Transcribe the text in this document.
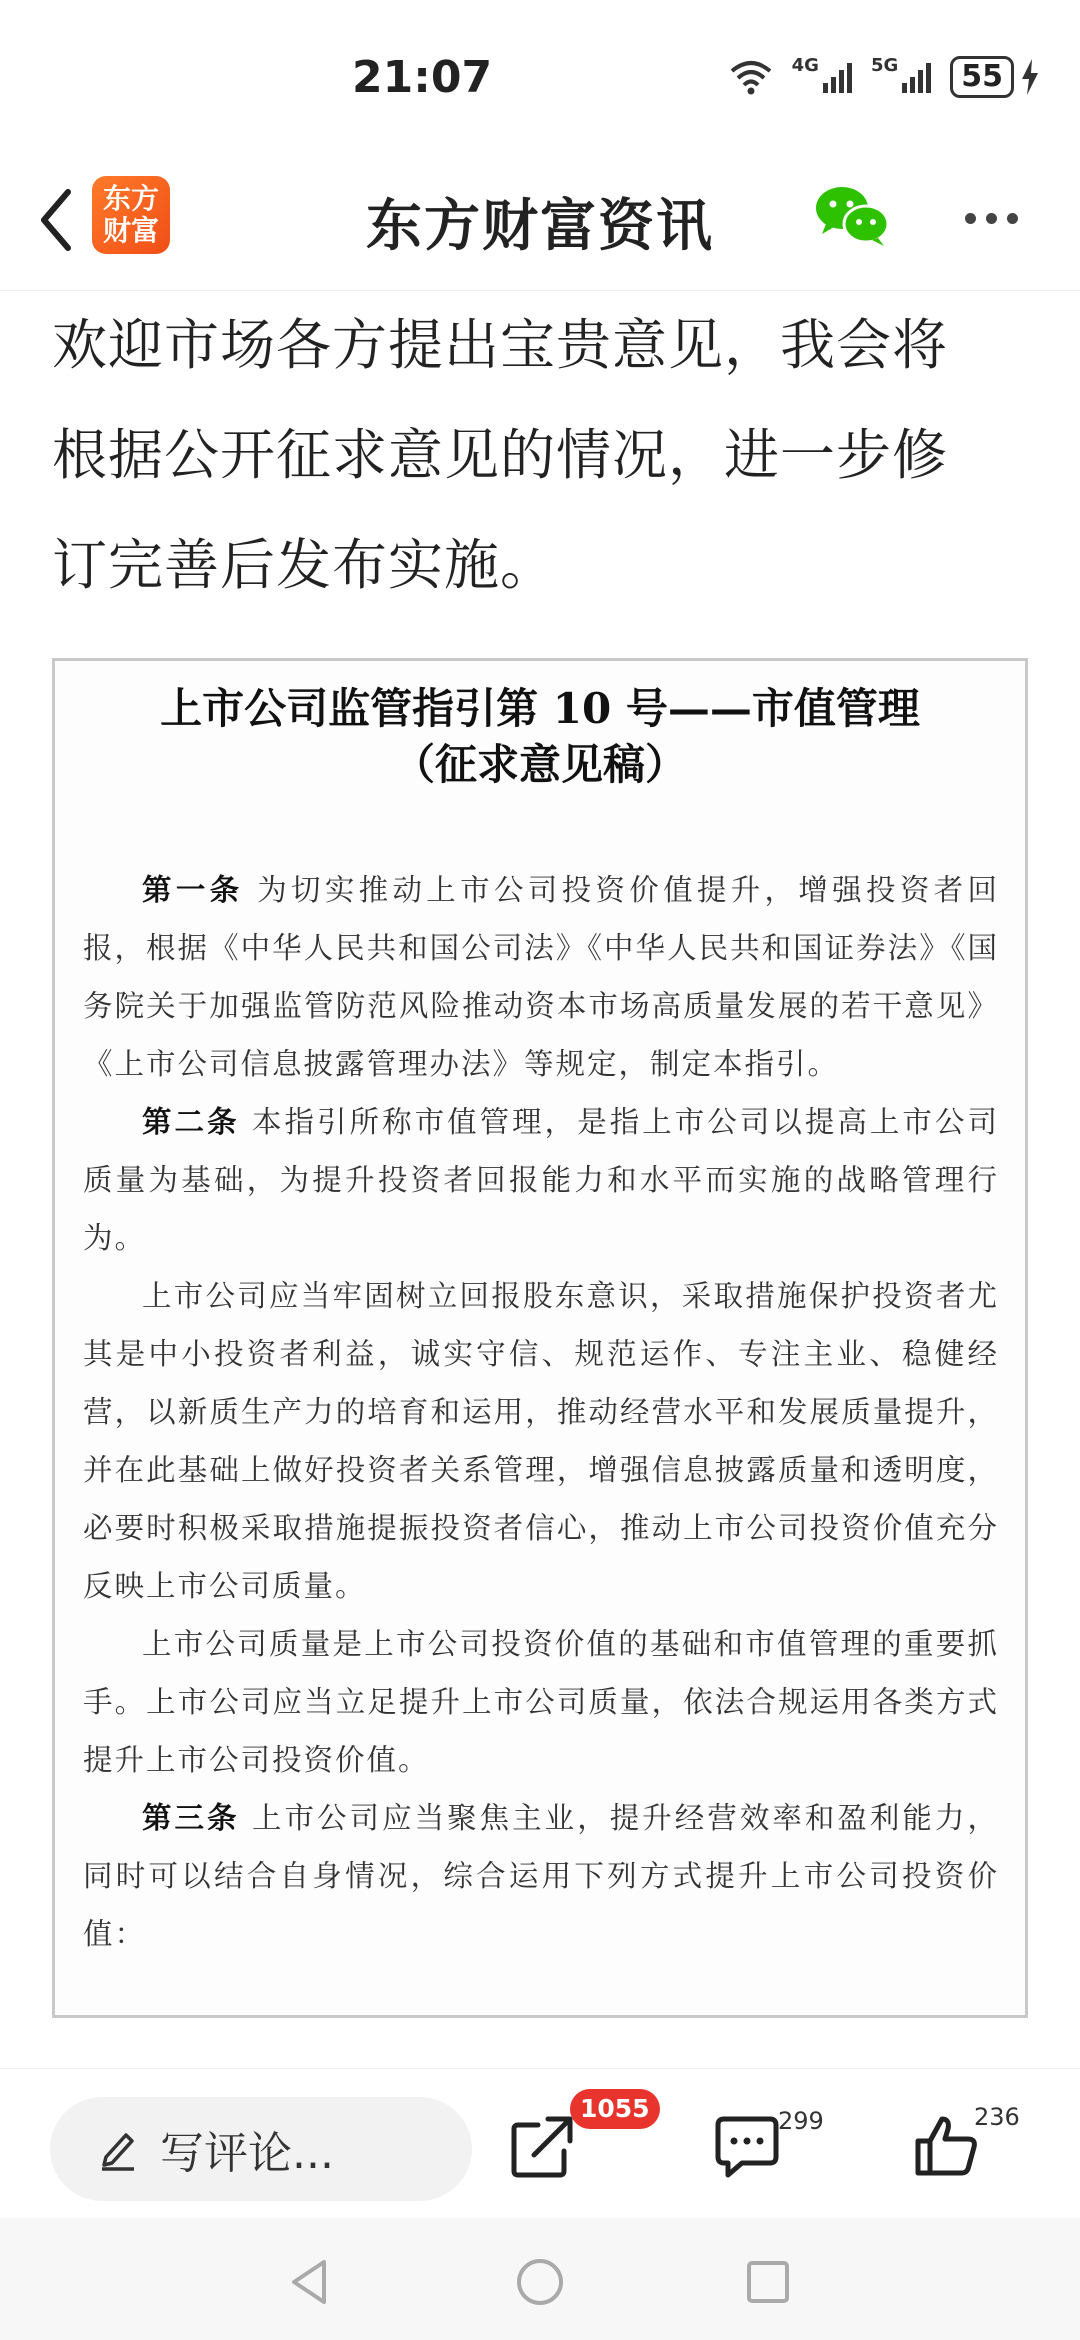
21:07	4G	5G	55
东方
财富	东方财富资讯

欢迎市场各方提出宝贵意见，我会将

根据公开征求意见的情况，进一步修

订完善后发布实施。

上市公司监管指引第 10 号——市值管理
（征求意见稿）

第一条 为切实推动上市公司投资价值提升，增强投资者回报，根据《中华人民共和国公司法》《中华人民共和国证券法》《国务院关于加强监管防范风险推动资本市场高质量发展的若干意见》《上市公司信息披露管理办法》等规定，制定本指引。

第二条 本指引所称市值管理，是指上市公司以提高上市公司质量为基础，为提升投资者回报能力和水平而实施的战略管理行为。

上市公司应当牢固树立回报股东意识，采取措施保护投资者尤其是中小投资者利益，诚实守信、规范运作、专注主业、稳健经营，以新质生产力的培育和运用，推动经营水平和发展质量提升，并在此基础上做好投资者关系管理，增强信息披露质量和透明度，必要时积极采取措施提振投资者信心，推动上市公司投资价值充分反映上市公司质量。

上市公司质量是上市公司投资价值的基础和市值管理的重要抓手。上市公司应当立足提升上市公司质量，依法合规运用各类方式提升上市公司投资价值。

第三条 上市公司应当聚焦主业，提升经营效率和盈利能力，同时可以结合自身情况，综合运用下列方式提升上市公司投资价值：

写评论...
1055	299	236
